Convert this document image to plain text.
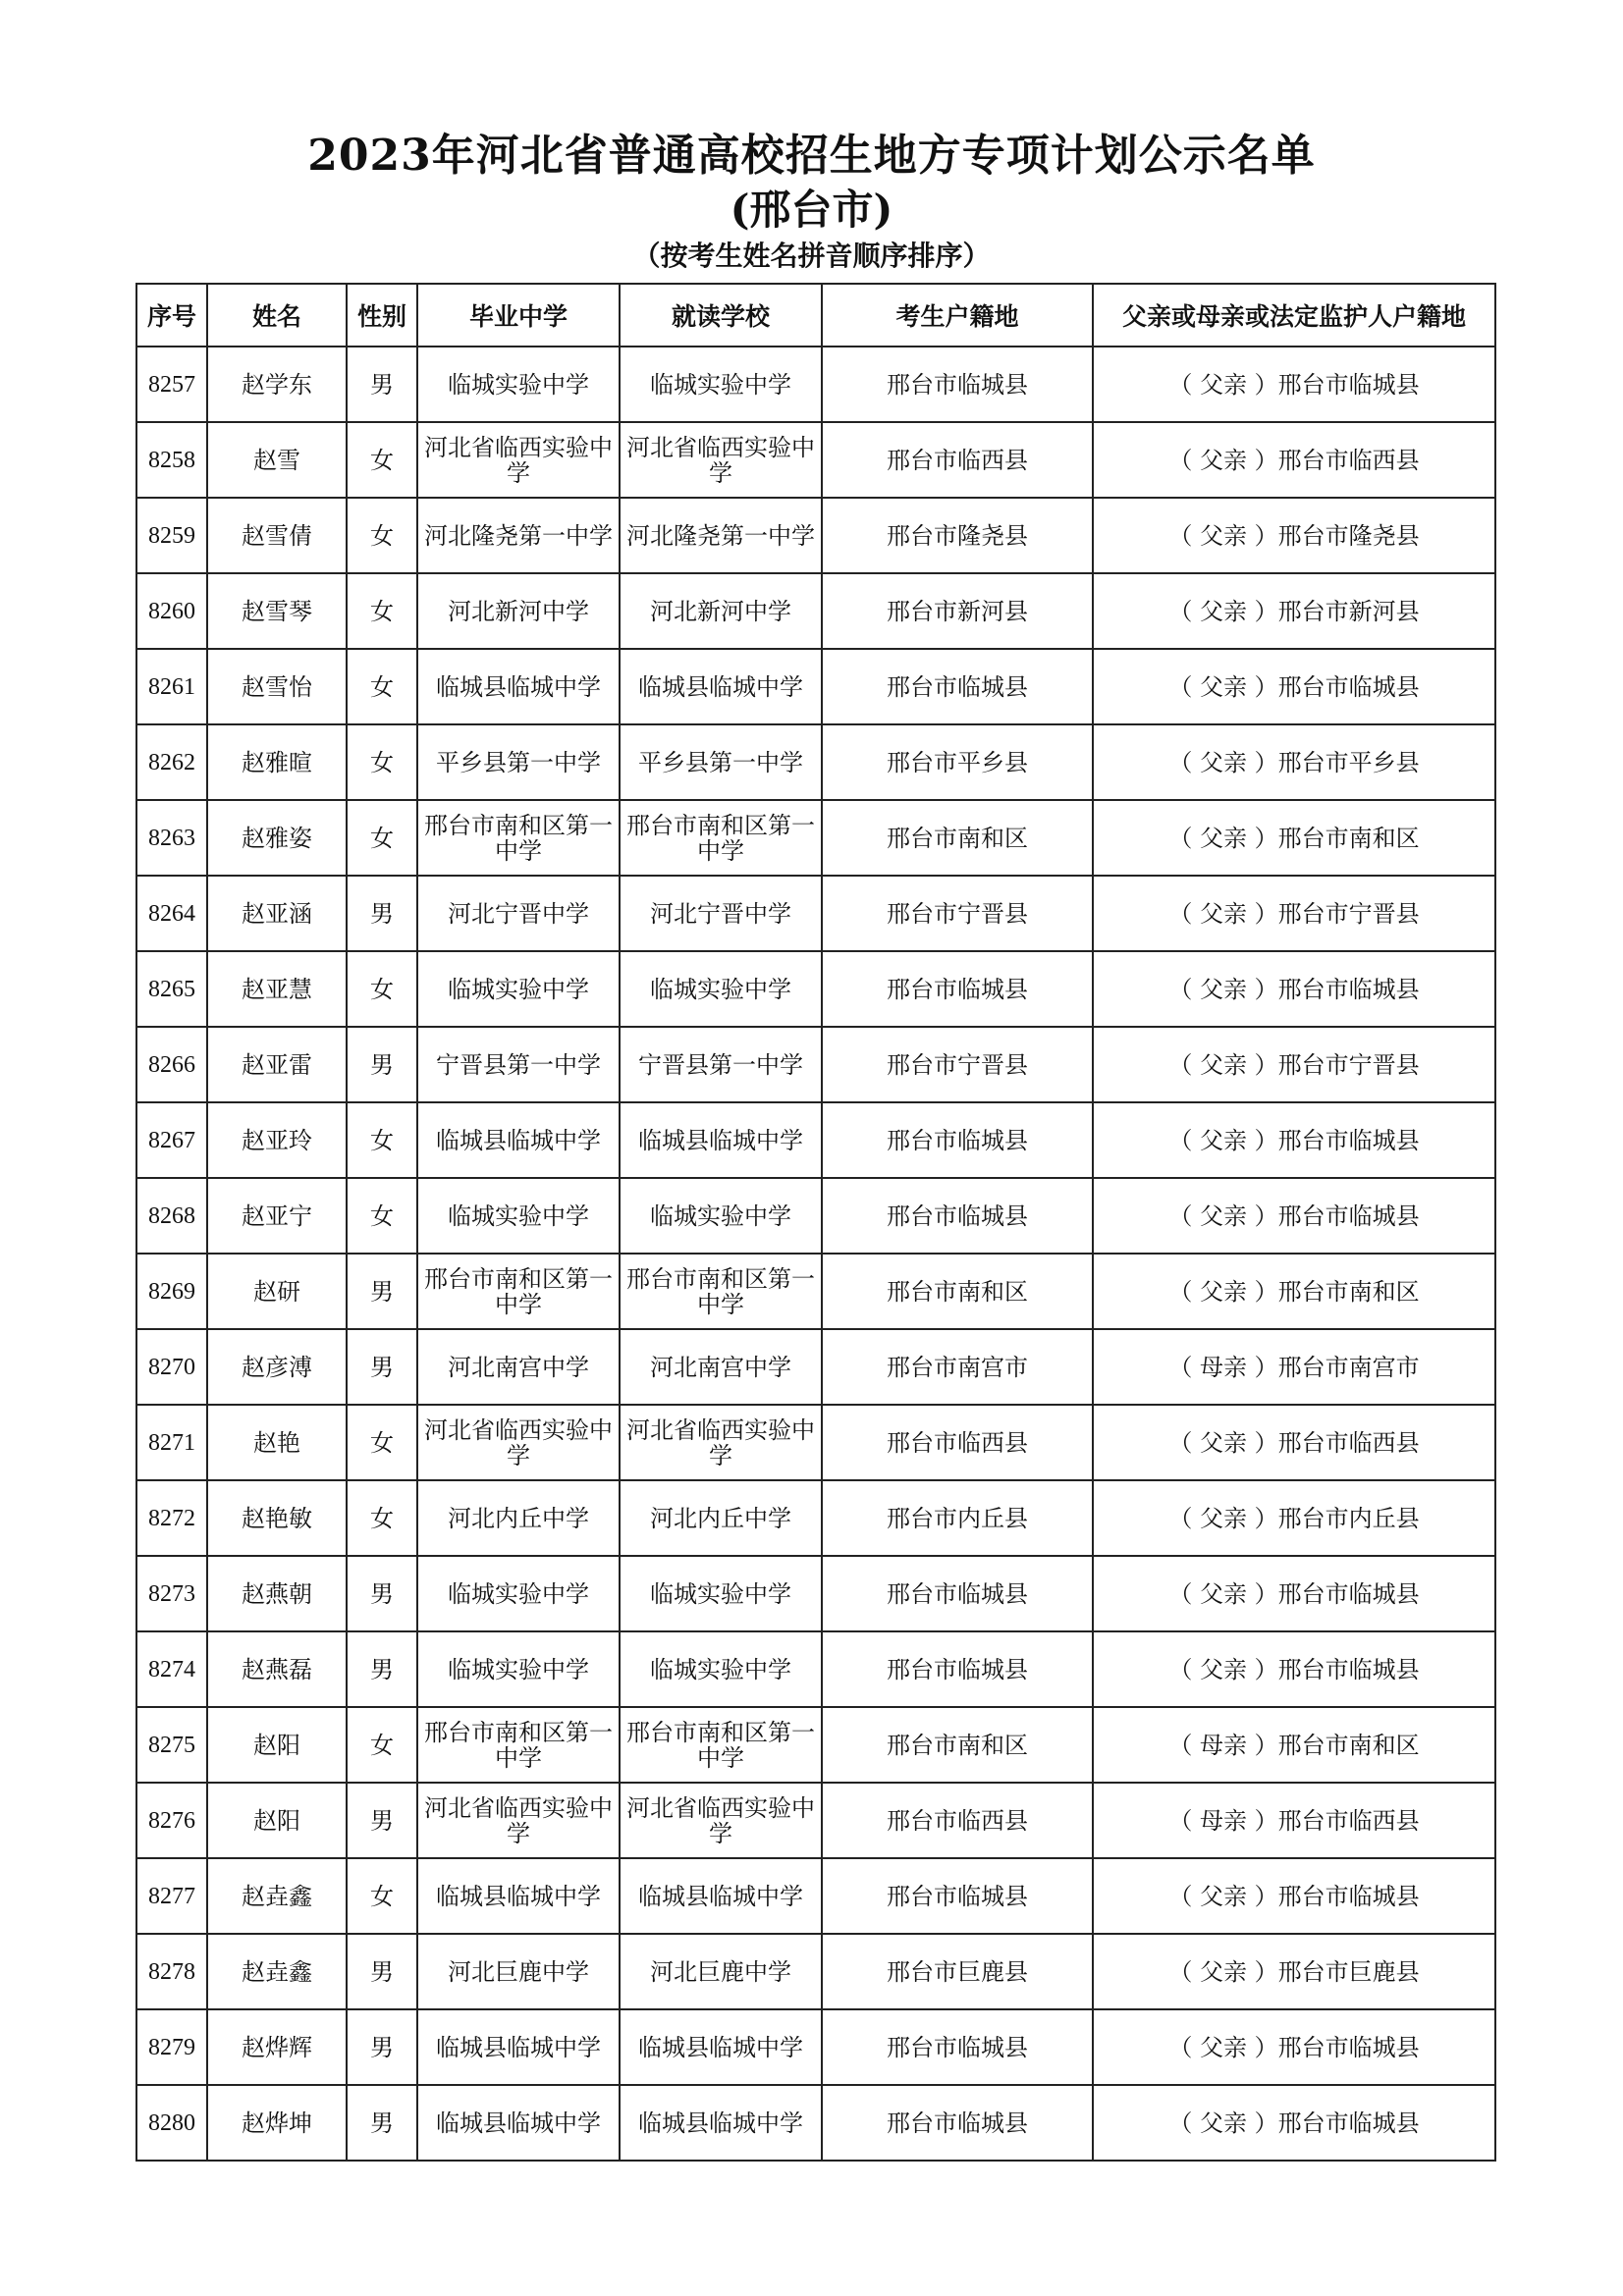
2023年河北省普通高校招生地方专项计划公示名单
(邢台市)
（按考生姓名拼音顺序排序）
序号	姓名	性别	毕业中学	就读学校	考生户籍地	父亲或母亲或法定监护人户籍地
8257	赵学东	男	临城实验中学	临城实验中学	邢台市临城县	（ 父亲 ）邢台市临城县
8258	赵雪	女	河北省临西实验中学	河北省临西实验中学	邢台市临西县	（ 父亲 ）邢台市临西县
8259	赵雪倩	女	河北隆尧第一中学	河北隆尧第一中学	邢台市隆尧县	（ 父亲 ）邢台市隆尧县
8260	赵雪琴	女	河北新河中学	河北新河中学	邢台市新河县	（ 父亲 ）邢台市新河县
8261	赵雪怡	女	临城县临城中学	临城县临城中学	邢台市临城县	（ 父亲 ）邢台市临城县
8262	赵雅暄	女	平乡县第一中学	平乡县第一中学	邢台市平乡县	（ 父亲 ）邢台市平乡县
8263	赵雅姿	女	邢台市南和区第一中学	邢台市南和区第一中学	邢台市南和区	（ 父亲 ）邢台市南和区
8264	赵亚涵	男	河北宁晋中学	河北宁晋中学	邢台市宁晋县	（ 父亲 ）邢台市宁晋县
8265	赵亚慧	女	临城实验中学	临城实验中学	邢台市临城县	（ 父亲 ）邢台市临城县
8266	赵亚雷	男	宁晋县第一中学	宁晋县第一中学	邢台市宁晋县	（ 父亲 ）邢台市宁晋县
8267	赵亚玲	女	临城县临城中学	临城县临城中学	邢台市临城县	（ 父亲 ）邢台市临城县
8268	赵亚宁	女	临城实验中学	临城实验中学	邢台市临城县	（ 父亲 ）邢台市临城县
8269	赵研	男	邢台市南和区第一中学	邢台市南和区第一中学	邢台市南和区	（ 父亲 ）邢台市南和区
8270	赵彦溥	男	河北南宫中学	河北南宫中学	邢台市南宫市	（ 母亲 ）邢台市南宫市
8271	赵艳	女	河北省临西实验中学	河北省临西实验中学	邢台市临西县	（ 父亲 ）邢台市临西县
8272	赵艳敏	女	河北内丘中学	河北内丘中学	邢台市内丘县	（ 父亲 ）邢台市内丘县
8273	赵燕朝	男	临城实验中学	临城实验中学	邢台市临城县	（ 父亲 ）邢台市临城县
8274	赵燕磊	男	临城实验中学	临城实验中学	邢台市临城县	（ 父亲 ）邢台市临城县
8275	赵阳	女	邢台市南和区第一中学	邢台市南和区第一中学	邢台市南和区	（ 母亲 ）邢台市南和区
8276	赵阳	男	河北省临西实验中学	河北省临西实验中学	邢台市临西县	（ 母亲 ）邢台市临西县
8277	赵垚鑫	女	临城县临城中学	临城县临城中学	邢台市临城县	（ 父亲 ）邢台市临城县
8278	赵垚鑫	男	河北巨鹿中学	河北巨鹿中学	邢台市巨鹿县	（ 父亲 ）邢台市巨鹿县
8279	赵烨辉	男	临城县临城中学	临城县临城中学	邢台市临城县	（ 父亲 ）邢台市临城县
8280	赵烨坤	男	临城县临城中学	临城县临城中学	邢台市临城县	（ 父亲 ）邢台市临城县
